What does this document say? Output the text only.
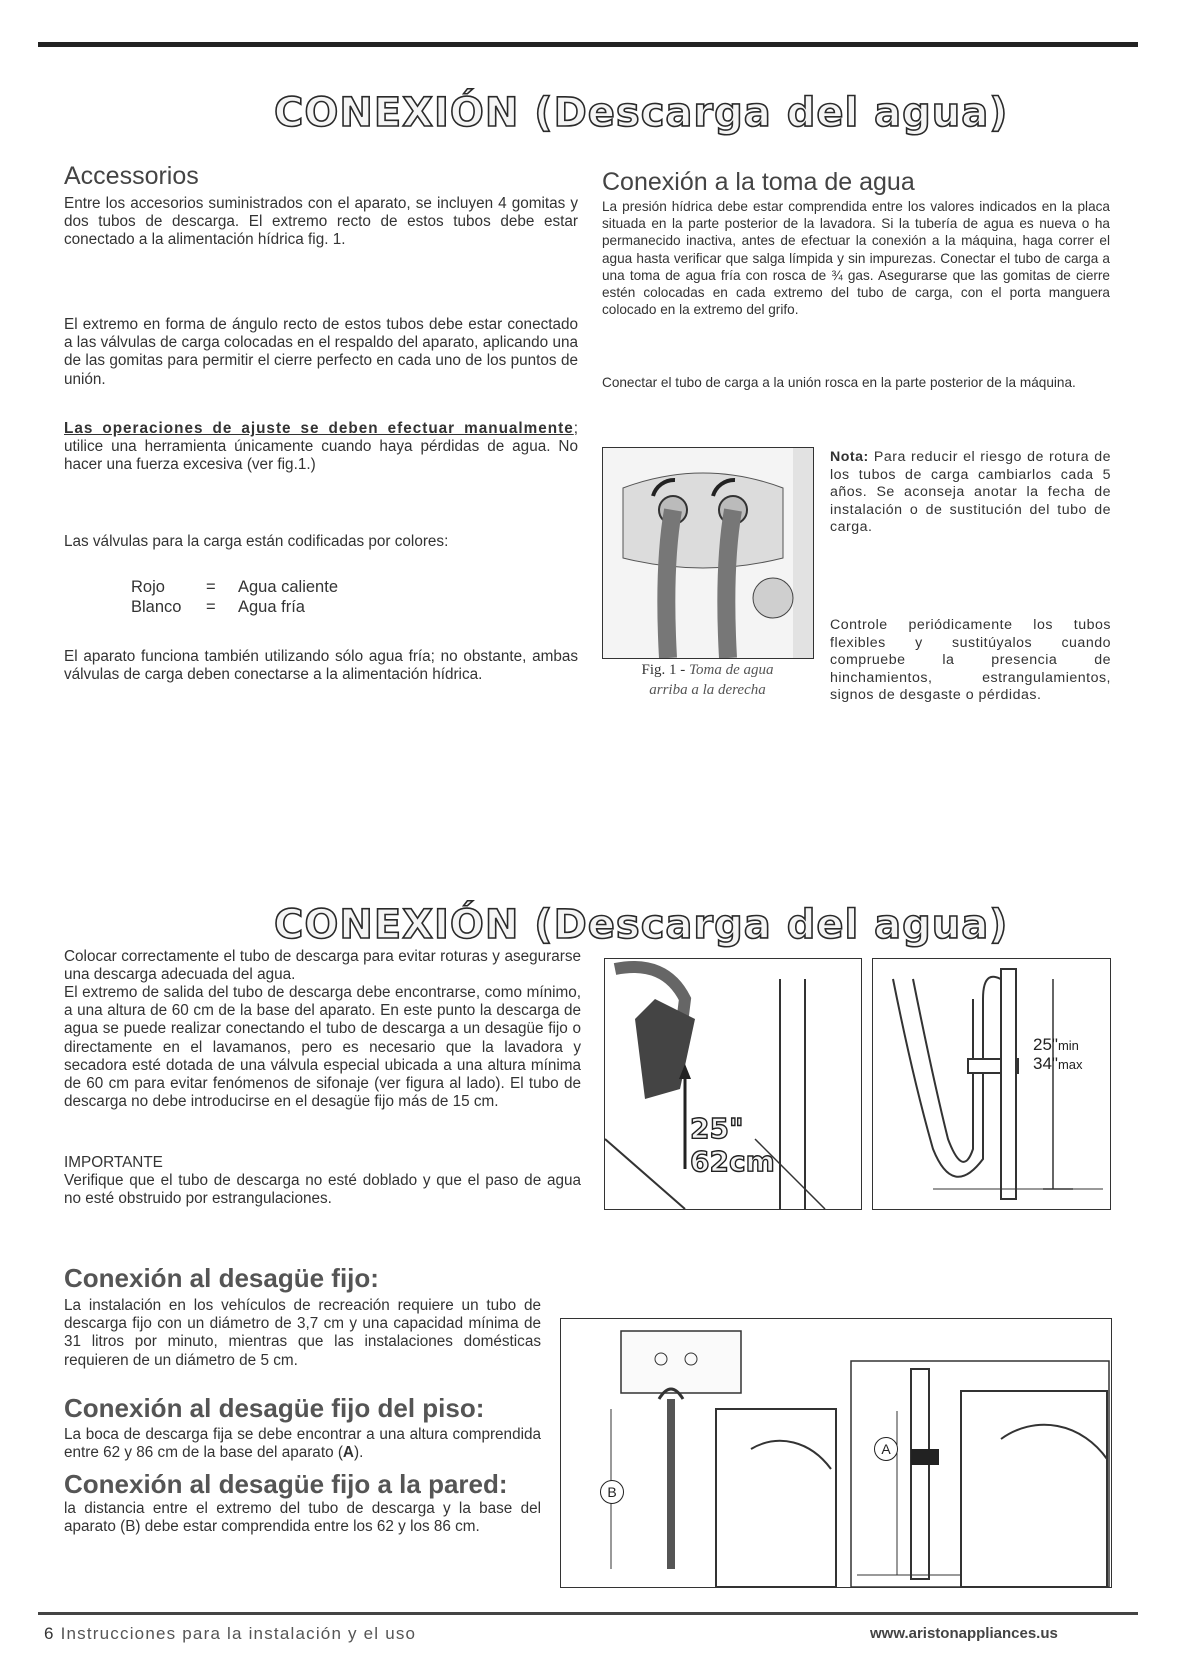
CONEXIÓN (Descarga del agua)
Accessorios
Entre los accesorios suministrados con el aparato, se incluyen 4 gomitas y dos tubos de descarga. El extremo recto de estos tubos debe estar conectado a la alimentación hídrica fig. 1.
El extremo en forma de ángulo recto de estos tubos debe estar conectado a las válvulas de carga colocadas en el respaldo del aparato, aplicando una de las gomitas para permitir el cierre perfecto en cada uno de los puntos de unión.
Las operaciones de ajuste se deben efectuar manualmente; utilice una herramienta únicamente cuando haya pérdidas de agua. No hacer una fuerza excesiva (ver fig.1.)
Las válvulas para la carga están codificadas por colores:
Rojo	=	Agua caliente
Blanco	=	Agua fría
El aparato funciona también utilizando sólo agua fría; no obstante, ambas válvulas de carga deben conectarse a la alimentación hídrica.
Conexión a la toma de agua
La presión hídrica debe estar comprendida entre los valores indicados en la placa situada en la parte posterior de la lavadora. Si la tubería de agua es nueva o ha permanecido inactiva, antes de efectuar la conexión a la máquina, haga correr el agua hasta verificar que salga límpida y sin impurezas. Conectar el tubo de carga a una toma de agua fría con rosca de ¾ gas. Asegurarse que las gomitas de cierre estén colocadas en cada extremo del tubo de carga, con el porta manguera colocado en la extremo del grifo.
Conectar el tubo de carga a la unión rosca en la parte posterior de la máquina.
Fig. 1 - Toma de agua
arriba a la derecha
Nota: Para reducir el riesgo de rotura de los tubos de carga cambiarlos cada 5 años. Se aconseja anotar la fecha de instalación o de sustitución del tubo de carga.
Controle periódicamente los tubos flexibles y sustitúyalos cuando compruebe la presencia de hinchamientos, estrangulamientos, signos de desgaste o pérdidas.
CONEXIÓN (Descarga del agua)
Colocar correctamente el tubo de descarga para evitar roturas y asegurarse una descarga adecuada del agua.
El extremo de salida del tubo de descarga debe encontrarse, como mínimo, a una altura de 60 cm de la base del aparato. En este punto la descarga de agua se puede realizar conectando el tubo de descarga a un desagüe fijo o directamente en el lavamanos, pero es necesario que la lavadora y secadora esté dotada de una válvula especial ubicada a una altura mínima de 60 cm para evitar fenómenos de sifonaje (ver figura al lado). El tubo de descarga no debe introducirse en el desagüe fijo más de 15 cm.
IMPORTANTE
Verifique que el tubo de descarga no esté doblado y que el paso de agua no esté obstruido por estrangulaciones.
25"
62cm
25"min
34"max
Conexión al desagüe fijo:
La instalación en los vehículos de recreación requiere un tubo de descarga fijo con un diámetro de 3,7 cm y una capacidad mínima de 31 litros por minuto, mientras que las instalaciones domésticas requieren de un diámetro de 5 cm.
Conexión al desagüe fijo del piso:
La boca de descarga fija se debe encontrar a una altura comprendida entre 62 y 86 cm de la base del aparato (A).
Conexión al desagüe fijo a la pared:
la distancia entre el extremo del tubo de descarga y la base del aparato (B) debe estar comprendida entre los 62 y los 86 cm.
B
A
6 Instrucciones para la instalación y el uso	www.aristonappliances.us
